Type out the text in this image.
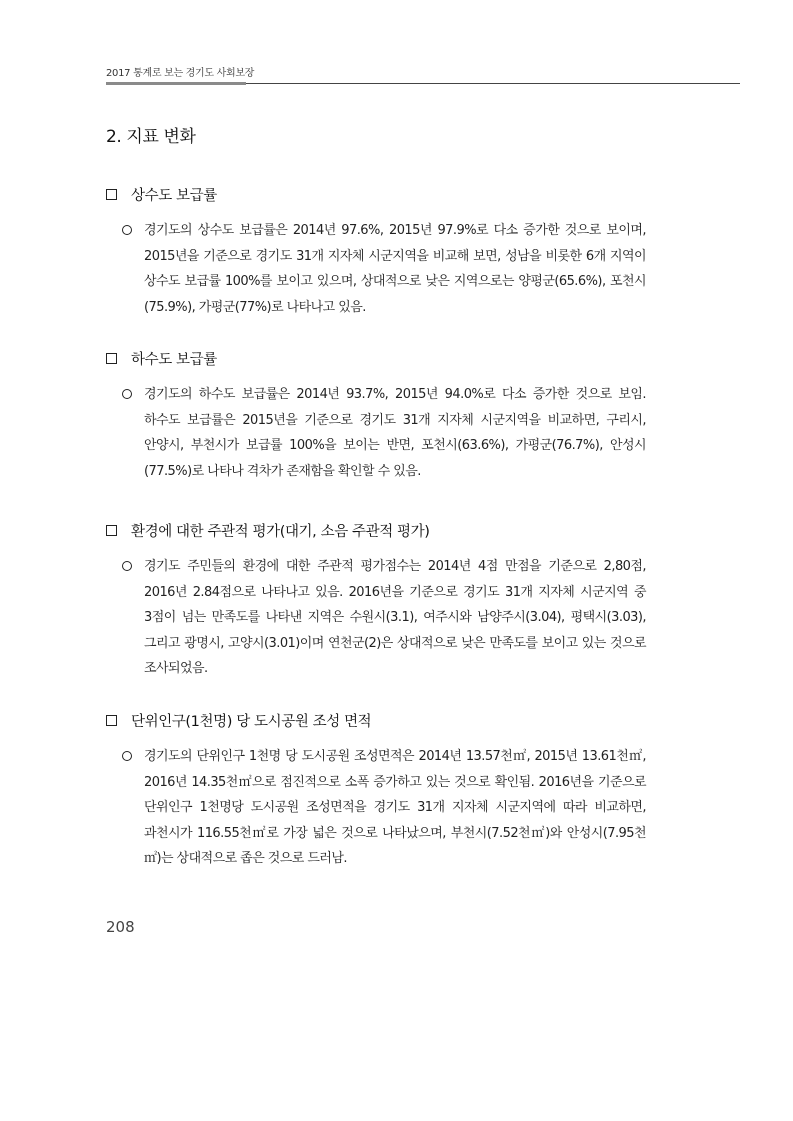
2017 통계로 보는 경기도 사회보장
2. 지표 변화
상수도 보급률
경기도의 상수도 보급률은 2014년 97.6%, 2015년 97.9%로 다소 증가한 것으로 보이며, 2015년을 기준으로 경기도 31개 지자체 시군지역을 비교해 보면, 성남을 비롯한 6개 지역이 상수도 보급률 100%를 보이고 있으며, 상대적으로 낮은 지역으로는 양평군(65.6%), 포천시(75.9%), 가평군(77%)로 나타나고 있음.
하수도 보급률
경기도의 하수도 보급률은 2014년 93.7%, 2015년 94.0%로 다소 증가한 것으로 보임. 하수도 보급률은 2015년을 기준으로 경기도 31개 지자체 시군지역을 비교하면, 구리시, 안양시, 부천시가 보급률 100%을 보이는 반면, 포천시(63.6%), 가평군(76.7%), 안성시(77.5%)로 나타나 격차가 존재함을 확인할 수 있음.
환경에 대한 주관적 평가(대기, 소음 주관적 평가)
경기도 주민들의 환경에 대한 주관적 평가점수는 2014년 4점 만점을 기준으로 2,80점, 2016년 2.84점으로 나타나고 있음. 2016년을 기준으로 경기도 31개 지자체 시군지역 중 3점이 넘는 만족도를 나타낸 지역은 수원시(3.1), 여주시와 남양주시(3.04), 평택시(3.03), 그리고 광명시, 고양시(3.01)이며 연천군(2)은 상대적으로 낮은 만족도를 보이고 있는 것으로 조사되었음.
단위인구(1천명) 당 도시공원 조성 면적
경기도의 단위인구 1천명 당 도시공원 조성면적은 2014년 13.57천㎡, 2015년 13.61천㎡, 2016년 14.35천㎡으로 점진적으로 소폭 증가하고 있는 것으로 확인됨. 2016년을 기준으로 단위인구 1천명당 도시공원 조성면적을 경기도 31개 지자체 시군지역에 따라 비교하면, 과천시가 116.55천㎡로 가장 넓은 것으로 나타났으며, 부천시(7.52천㎡)와 안성시(7.95천㎡)는 상대적으로 좁은 것으로 드러남.
208
